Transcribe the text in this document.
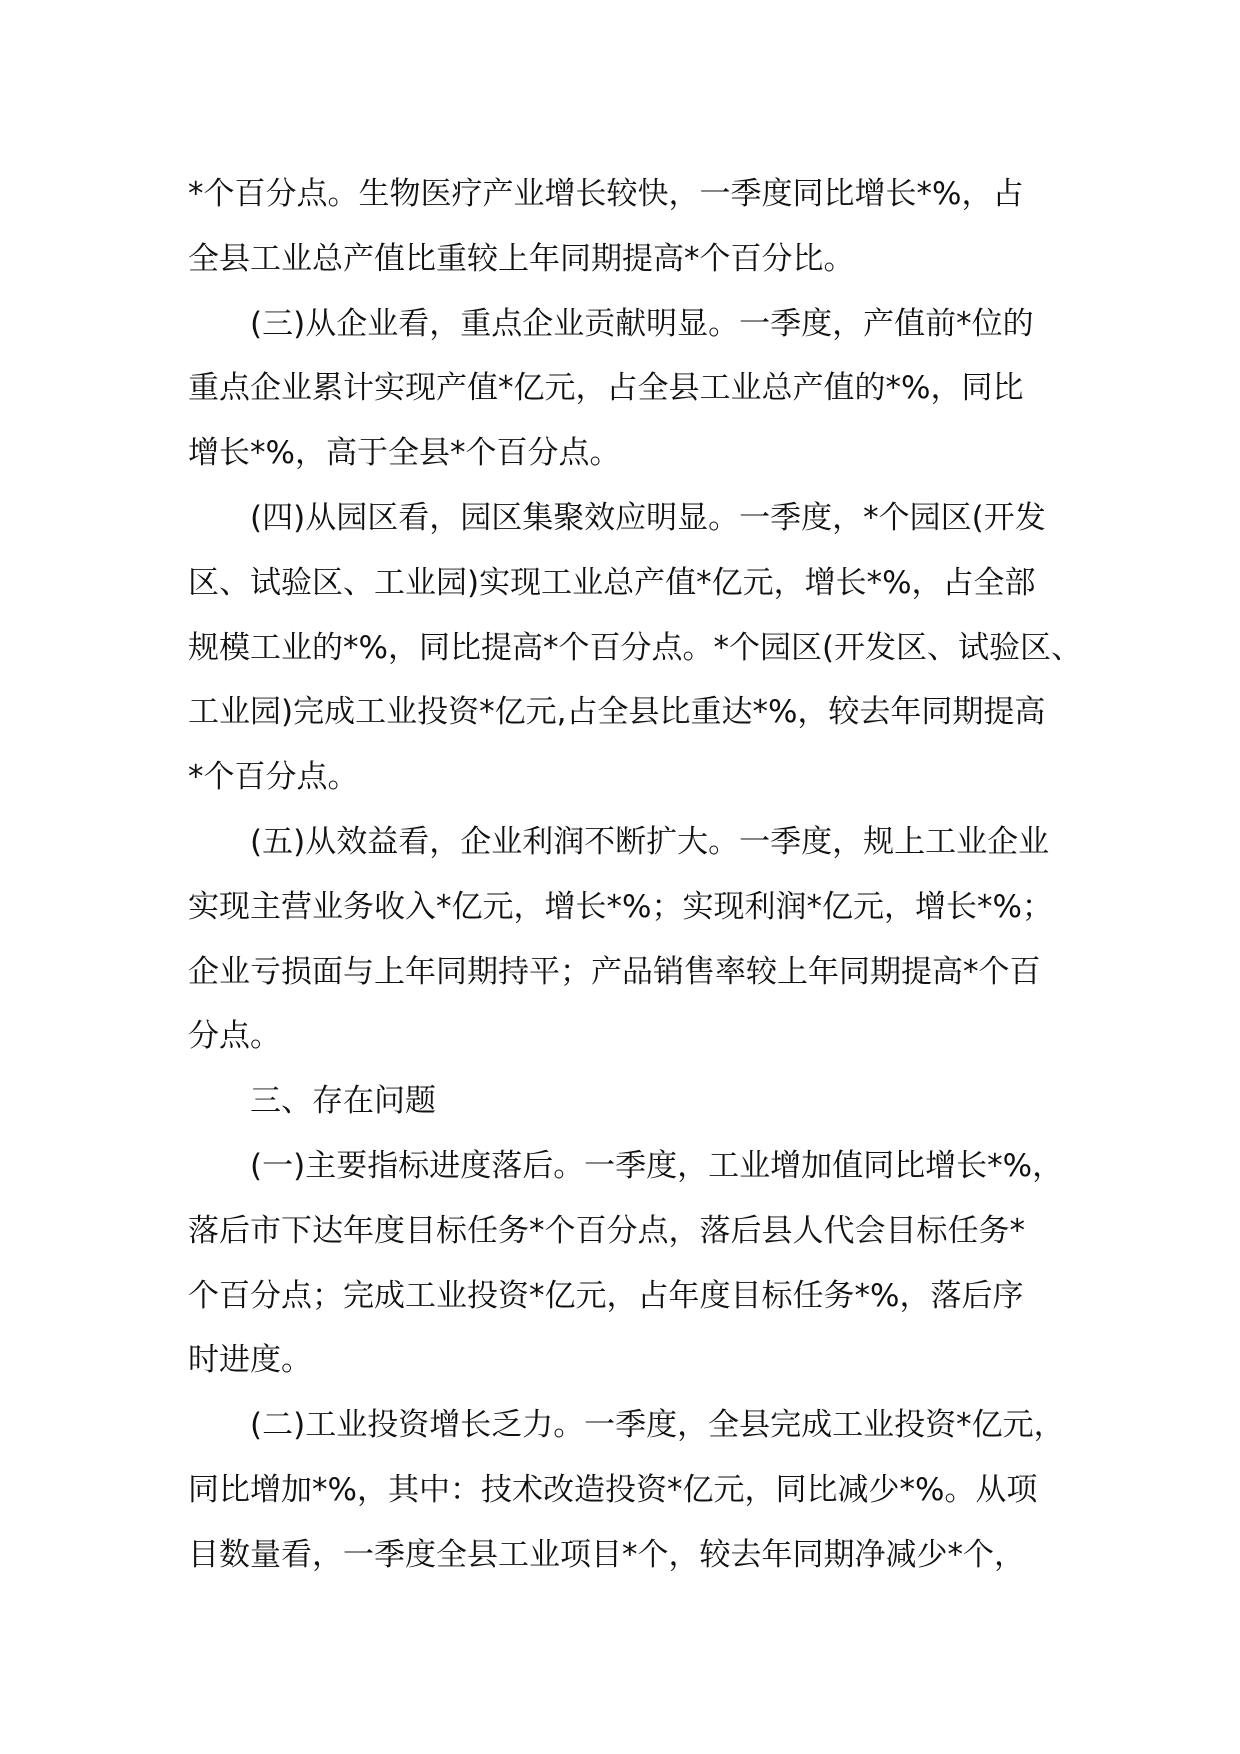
*个百分点。生物医疗产业增长较快，一季度同比增长*%，占

全县工业总产值比重较上年同期提高*个百分比。

(三)从企业看，重点企业贡献明显。一季度，产值前*位的

重点企业累计实现产值*亿元，占全县工业总产值的*%，同比

增长*%，高于全县*个百分点。

(四)从园区看，园区集聚效应明显。一季度，*个园区(开发

区、试验区、工业园)实现工业总产值*亿元，增长*%，占全部

规模工业的*%，同比提高*个百分点。*个园区(开发区、试验区、

工业园)完成工业投资*亿元,占全县比重达*%，较去年同期提高

*个百分点。

(五)从效益看，企业利润不断扩大。一季度，规上工业企业

实现主营业务收入*亿元，增长*%；实现利润*亿元，增长*%；

企业亏损面与上年同期持平；产品销售率较上年同期提高*个百

分点。

三、存在问题

(一)主要指标进度落后。一季度，工业增加值同比增长*%，

落后市下达年度目标任务*个百分点，落后县人代会目标任务*

个百分点；完成工业投资*亿元，占年度目标任务*%，落后序

时进度。

(二)工业投资增长乏力。一季度，全县完成工业投资*亿元，

同比增加*%，其中：技术改造投资*亿元，同比减少*%。从项

目数量看，一季度全县工业项目*个，较去年同期净减少*个，
